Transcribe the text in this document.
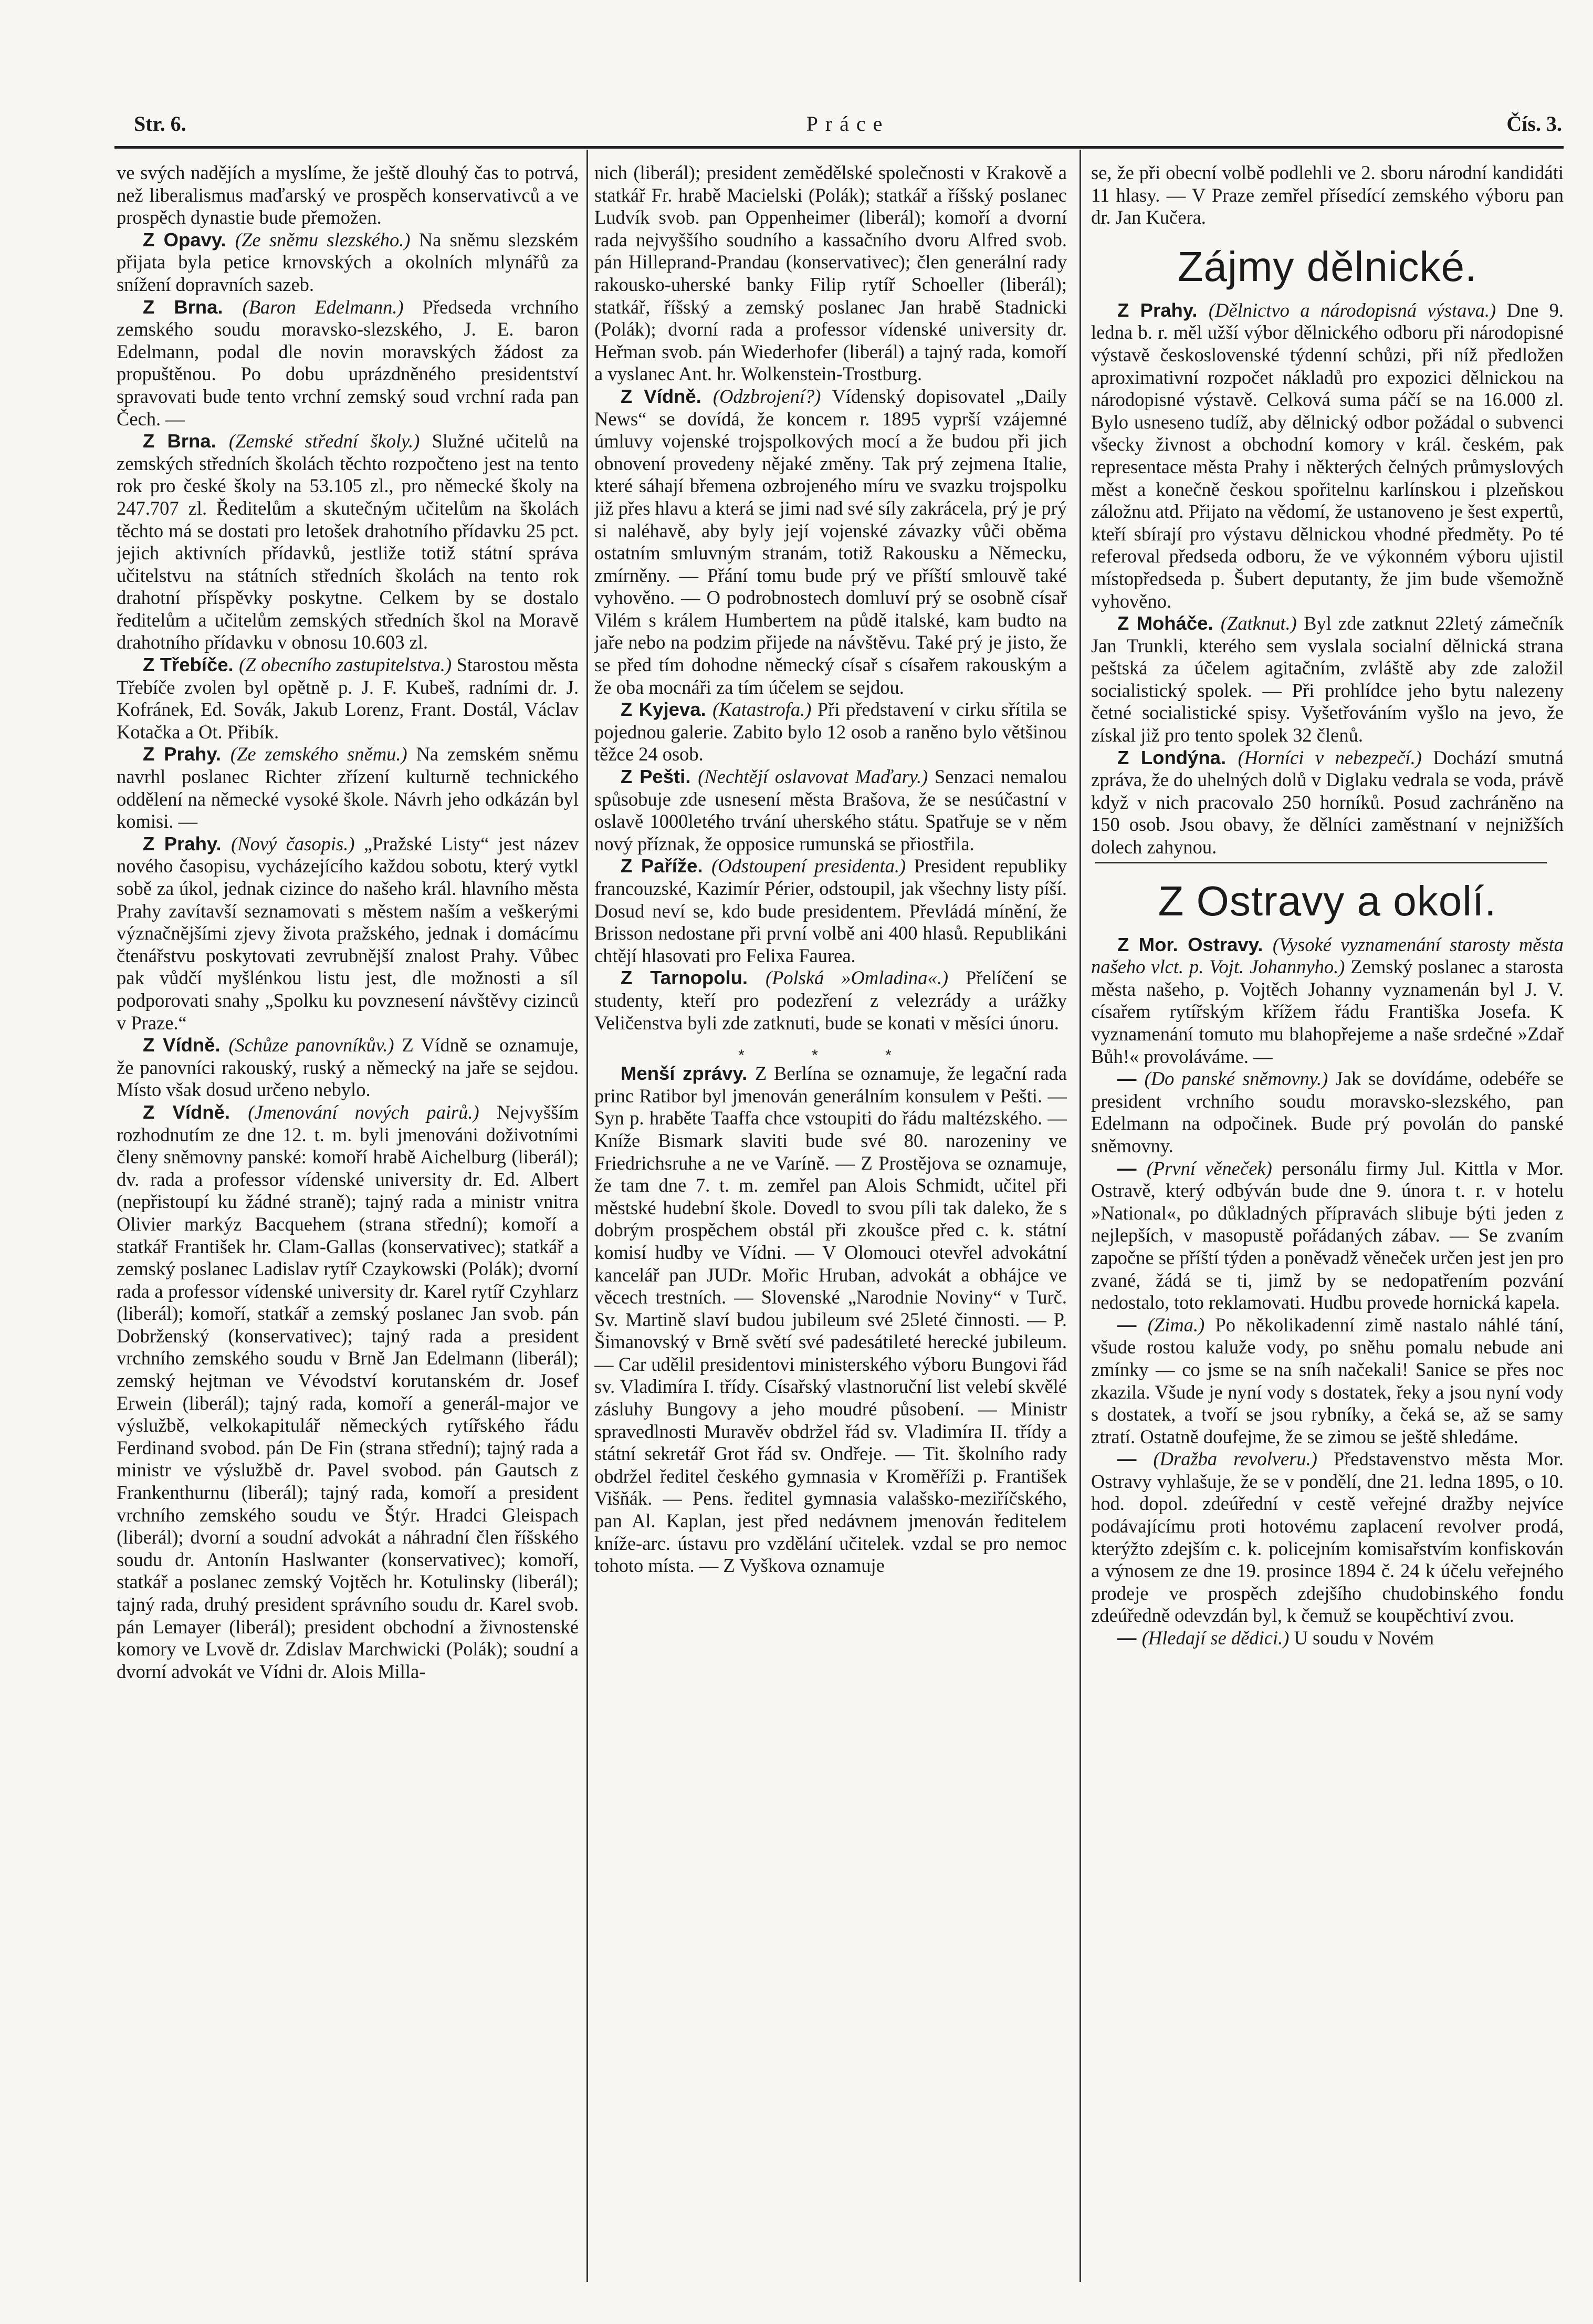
Str. 6.	Práce	Čís. 3.

ve svých nadějích a myslíme, že ještě dlouhý čas to potrvá, než liberalismus maďarský ve prospěch konservativců a ve prospěch dynastie bude přemožen.

Z Opavy. (Ze sněmu slezského.) Na sněmu slezském přijata byla petice krnovských a okolních mlynářů za snížení dopravních sazeb.

Z Brna. (Baron Edelmann.) Předseda vrchního zemského soudu moravsko-slezského, J. E. baron Edelmann, podal dle novin moravských žádost za propuštěnou. Po dobu uprázdněného presidentství spravovati bude tento vrchní zemský soud vrchní rada pan Čech. —

Z Brna. (Zemské střední školy.) Služné učitelů na zemských středních školách těchto rozpočteno jest na tento rok pro české školy na 53.105 zl., pro německé školy na 247.707 zl. Ředitelům a skutečným učitelům na školách těchto má se dostati pro letošek drahotního přídavku 25 pct. jejich aktivních přídavků, jestliže totiž státní správa učitelstvu na státních středních školách na tento rok drahotní příspěvky poskytne. Celkem by se dostalo ředitelům a učitelům zemských středních škol na Moravě drahotního přídavku v obnosu 10.603 zl.

Z Třebíče. (Z obecního zastupitelstva.) Starostou města Třebíče zvolen byl opětně p. J. F. Kubeš, radními dr. J. Kofránek, Ed. Sovák, Jakub Lorenz, Frant. Dostál, Václav Kotačka a Ot. Přibík.

Z Prahy. (Ze zemského sněmu.) Na zemském sněmu navrhl poslanec Richter zřízení kulturně technického oddělení na německé vysoké škole. Návrh jeho odkázán byl komisi. —

Z Prahy. (Nový časopis.) „Pražské Listy“ jest název nového časopisu, vycházejícího každou sobotu, který vytkl sobě za úkol, jednak cizince do našeho král. hlavního města Prahy zavítavší seznamovati s městem naším a veškerými význačnějšími zjevy života pražského, jednak i domácímu čtenářstvu poskytovati zevrubnější znalost Prahy. Vůbec pak vůdčí myšlénkou listu jest, dle možnosti a síl podporovati snahy „Spolku ku povznesení návštěvy cizinců v Praze.“

Z Vídně. (Schůze panovníkův.) Z Vídně se oznamuje, že panovníci rakouský, ruský a německý na jaře se sejdou. Místo však dosud určeno nebylo.

Z Vídně. (Jmenování nových pairů.) Nejvyšším rozhodnutím ze dne 12. t. m. byli jmenováni doživotními členy sněmovny panské: komoří hrabě Aichelburg (liberál); dv. rada a professor vídenské university dr. Ed. Albert (nepřistoupí ku žádné straně); tajný rada a ministr vnitra Olivier markýz Bacquehem (strana střední); komoří a statkář František hr. Clam-Gallas (konservativec); statkář a zemský poslanec Ladislav rytíř Czaykowski (Polák); dvorní rada a professor vídenské university dr. Karel rytíř Czyhlarz (liberál); komoří, statkář a zemský poslanec Jan svob. pán Dobrženský (konservativec); tajný rada a president vrchního zemského soudu v Brně Jan Edelmann (liberál); zemský hejtman ve Vévodství korutanském dr. Josef Erwein (liberál); tajný rada, komoří a generál-major ve výslužbě, velkokapitulář německých rytířského řádu Ferdinand svobod. pán De Fin (strana střední); tajný rada a ministr ve výslužbě dr. Pavel svobod. pán Gautsch z Frankenthurnu (liberál); tajný rada, komoří a president vrchního zemského soudu ve Štýr. Hradci Gleispach (liberál); dvorní a soudní advokát a náhradní člen říšského soudu dr. Antonín Haslwanter (konservativec); komoří, statkář a poslanec zemský Vojtěch hr. Kotulinsky (liberál); tajný rada, druhý president správního soudu dr. Karel svob. pán Lemayer (liberál); president obchodní a živnostenské komory ve Lvově dr. Zdislav Marchwicki (Polák); soudní a dvorní advokát ve Vídni dr. Alois Milla-

nich (liberál); president zemědělské společnosti v Krakově a statkář Fr. hrabě Macielski (Polák); statkář a říšský poslanec Ludvík svob. pan Oppenheimer (liberál); komoří a dvorní rada nejvyššího soudního a kassačního dvoru Alfred svob. pán Hilleprand-Prandau (konservativec); člen generální rady rakousko-uherské banky Filip rytíř Schoeller (liberál); statkář, říšský a zemský poslanec Jan hrabě Stadnicki (Polák); dvorní rada a professor vídenské university dr. Heřman svob. pán Wiederhofer (liberál) a tajný rada, komoří a vyslanec Ant. hr. Wolkenstein-Trostburg.

Z Vídně. (Odzbrojení?) Vídenský dopisovatel „Daily News“ se dovídá, že koncem r. 1895 vyprší vzájemné úmluvy vojenské trojspolkových mocí a že budou při jich obnovení provedeny nějaké změny. Tak prý zejmena Italie, které sáhají břemena ozbrojeného míru ve svazku trojspolku již přes hlavu a která se jimi nad své síly zakrácela, prý je prý si naléhavě, aby byly její vojenské závazky vůči oběma ostatním smluvným stranám, totiž Rakousku a Německu, zmírněny. — Přání tomu bude prý ve příští smlouvě také vyhověno. — O podrobnostech domluví prý se osobně císař Vilém s králem Humbertem na půdě italské, kam budto na jaře nebo na podzim přijede na návštěvu. Také prý je jisto, že se před tím dohodne německý císař s císařem rakouským a že oba mocnáři za tím účelem se sejdou.

Z Kyjeva. (Katastrofa.) Při představení v cirku sřítila se pojednou galerie. Zabito bylo 12 osob a raněno bylo většinou těžce 24 osob.

Z Pešti. (Nechtějí oslavovat Maďary.) Senzaci nemalou spůsobuje zde usnesení města Brašova, že se nesúčastní v oslavě 1000letého trvání uherského státu. Spatřuje se v něm nový příznak, že opposice rumunská se přiostřila.

Z Paříže. (Odstoupení presidenta.) President republiky francouzské, Kazimír Périer, odstoupil, jak všechny listy píší. Dosud neví se, kdo bude presidentem. Převládá mínění, že Brisson nedostane při první volbě ani 400 hlasů. Republikáni chtějí hlasovati pro Felixa Faurea.

Z Tarnopolu. (Polská »Omladina«.) Přelíčení se studenty, kteří pro podezření z velezrády a urážky Veličenstva byli zde zatknuti, bude se konati v měsíci únoru.

* * *

Menší zprávy. Z Berlína se oznamuje, že legační rada princ Ratibor byl jmenován generálním konsulem v Pešti. — Syn p. hraběte Taaffa chce vstoupiti do řádu maltézského. — Kníže Bismark slaviti bude své 80. narozeniny ve Friedrichsruhe a ne ve Varíně. — Z Prostějova se oznamuje, že tam dne 7. t. m. zemřel pan Alois Schmidt, učitel při městské hudební škole. Dovedl to svou píli tak daleko, že s dobrým prospěchem obstál při zkoušce před c. k. státní komisí hudby ve Vídni. — V Olomouci otevřel advokátní kancelář pan JUDr. Mořic Hruban, advokát a obhájce ve věcech trestních. — Slovenské „Narodnie Noviny“ v Turč. Sv. Martině slaví budou jubileum své 25leté činnosti. — P. Šimanovský v Brně světí své padesátileté herecké jubileum. — Car udělil presidentovi ministerského výboru Bungovi řád sv. Vladimíra I. třídy. Císařský vlastnoruční list velebí skvělé zásluhy Bungovy a jeho moudré působení. — Ministr spravedlnosti Muravěv obdržel řád sv. Vladimíra II. třídy a státní sekretář Grot řád sv. Ondřeje. — Tit. školního rady obdržel ředitel českého gymnasia v Kroměříži p. František Višňák. — Pens. ředitel gymnasia valašsko-meziříčského, pan Al. Kaplan, jest před nedávnem jmenován ředitelem kníže-arc. ústavu pro vzdělání učitelek. vzdal se pro nemoc tohoto místa. — Z Vyškova oznamuje

se, že při obecní volbě podlehli ve 2. sboru národní kandidáti 11 hlasy. — V Praze zemřel přísedící zemského výboru pan dr. Jan Kučera.

Zájmy dělnické.

Z Prahy. (Dělnictvo a národopisná výstava.) Dne 9. ledna b. r. měl užší výbor dělnického odboru při národopisné výstavě československé týdenní schůzi, při níž předložen aproximativní rozpočet nákladů pro expozici dělnickou na národopisné výstavě. Celková suma páčí se na 16.000 zl. Bylo usneseno tudíž, aby dělnický odbor požádal o subvenci všecky živnost a obchodní komory v král. českém, pak representace města Prahy i některých čelných průmyslových měst a konečně českou spořitelnu karlínskou i plzeňskou záložnu atd. Přijato na vědomí, že ustanoveno je šest expertů, kteří sbírají pro výstavu dělnickou vhodné předměty. Po té referoval předseda odboru, že ve výkonném výboru ujistil místopředseda p. Šubert deputanty, že jim bude všemožně vyhověno.

Z Moháče. (Zatknut.) Byl zde zatknut 22letý zámečník Jan Trunkli, kterého sem vyslala socialní dělnická strana peštská za účelem agitačním, zvláště aby zde založil socialistický spolek. — Při prohlídce jeho bytu nalezeny četné socialistické spisy. Vyšetřováním vyšlo na jevo, že získal již pro tento spolek 32 členů.

Z Londýna. (Horníci v nebezpečí.) Dochází smutná zpráva, že do uhelných dolů v Diglaku vedrala se voda, právě když v nich pracovalo 250 horníků. Posud zachráněno na 150 osob. Jsou obavy, že dělníci zaměstnaní v nejnižších dolech zahynou.

Z Ostravy a okolí.

Z Mor. Ostravy. (Vysoké vyznamenání starosty města našeho vlct. p. Vojt. Johannyho.) Zemský poslanec a starosta města našeho, p. Vojtěch Johanny vyznamenán byl J. V. císařem rytířským křížem řádu Františka Josefa. K vyznamenání tomuto mu blahopřejeme a naše srdečné »Zdař Bůh!« provoláváme. —

— (Do panské sněmovny.) Jak se dovídáme, odebéře se president vrchního soudu moravsko-slezského, pan Edelmann na odpočinek. Bude prý povolán do panské sněmovny.

— (První věneček) personálu firmy Jul. Kittla v Mor. Ostravě, který odbýván bude dne 9. února t. r. v hotelu »National«, po důkladných přípravách slibuje býti jeden z nejlepších, v masopustě pořádaných zábav. — Se zvaním započne se příští týden a poněvadž věneček určen jest jen pro zvané, žádá se ti, jimž by se nedopatřením pozvání nedostalo, toto reklamovati. Hudbu provede hornická kapela.

— (Zima.) Po několikadenní zimě nastalo náhlé tání, všude rostou kaluže vody, po sněhu pomalu nebude ani zmínky — co jsme se na sníh načekali! Sanice se přes noc zkazila. Všude je nyní vody s dostatek, řeky a jsou nyní vody s dostatek, a tvoří se jsou rybníky, a čeká se, až se samy ztratí. Ostatně doufejme, že se zimou se ještě shledáme.

— (Dražba revolveru.) Představenstvo města Mor. Ostravy vyhlašuje, že se v pondělí, dne 21. ledna 1895, o 10. hod. dopol. zdeúřední v cestě veřejné dražby nejvíce podávajícímu proti hotovému zaplacení revolver prodá, kterýžto zdejším c. k. policejním komisařstvím konfiskován a výnosem ze dne 19. prosince 1894 č. 24 k účelu veřejného prodeje ve prospěch zdejšího chudobinského fondu zdeúředně odevzdán byl, k čemuž se koupěchtiví zvou.

— (Hledají se dědici.) U soudu v Novém
